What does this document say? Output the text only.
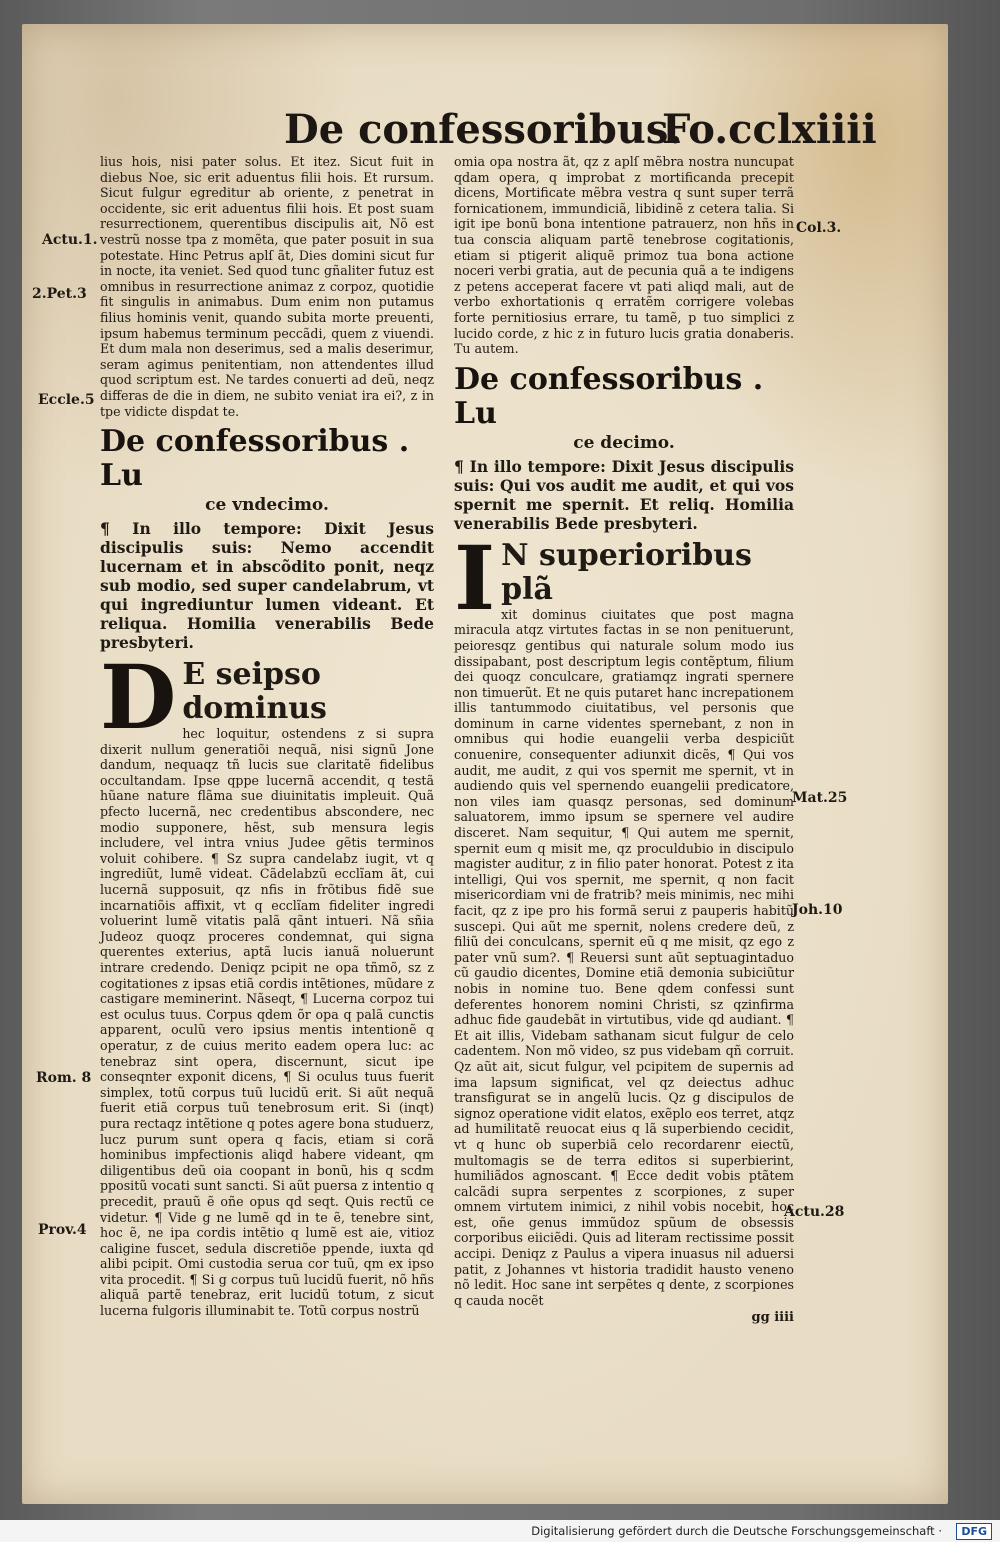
De confessoribus.
Fo.cclxiiii

lius hois, nisi pater solus. Et itez. Sicut fuit in diebus Noe, sic erit aduentus filii hois. Et rursum. Sicut fulgur egreditur ab oriente, z penetrat in occidente, sic erit aduentus filii hois. Et post suam resurrectionem, querentibus discipulis ait, Nõ est vestrũ nosse tpa z momẽta, que pater posuit in sua potestate. Hinc Petrus aplſ ãt, Dies domini sicut fur in nocte, ita veniet. Sed quod tunc gñaliter futuz est omnibus in resurrectione animaz z corpoz, quotidie fit singulis in animabus. Dum enim non putamus filius hominis venit, quando subita morte preuenti, ipsum habemus terminum peccãdi, quem z viuendi. Et dum mala non deserimus, sed a malis deserimur, seram agimus penitentiam, non attendentes illud quod scriptum est. Ne tardes conuerti ad deũ, neqz differas de die in diem, ne subito veniat ira ei?, z in tpe vidicte dispdat te.

De confessoribus . Lu
ce vndecimo.

¶ In illo tempore: Dixit Jesus discipulis suis: Nemo accendit lucernam et in abscõdito ponit, neqz sub modio, sed super candelabrum, vt qui ingrediuntur lumen videant. Et reliqua. Homilia venerabilis Bede presbyteri.

D E seipso dominus

hec loquitur, ostendens z si supra dixerit nullum generatiõi nequã, nisi signũ Jone dandum, nequaqz tñ lucis sue claritatẽ fidelibus occultandam. Ipse qppe lucernã accendit, q testã hũane nature flãma sue diuinitatis impleuit. Quã pfecto lucernã, nec credentibus abscondere, nec modio supponere, hẽst, sub mensura legis includere, vel intra vnius Judee gẽtis terminos voluit cohibere. ¶ Sz supra candelabz iugit, vt q ingrediũt, lumẽ videat. Cãdelabzũ ecclĩam ãt, cui lucernã supposuit, qz nfis in frõtibus fidẽ sue incarnatiõis affixit, vt q ecclĩam fideliter ingredi voluerint lumẽ vitatis palã qãnt intueri. Nã sñia Judeoz quoqz proceres condemnat, qui signa querentes exterius, aptã lucis ianuã noluerunt intrare credendo. Deniqz pcipit ne opa tñmõ, sz z cogitationes z ipsas etiã cordis intẽtiones, mũdare z castigare meminerint. Nãseqt, ¶ Lucerna corpoz tui est oculus tuus. Corpus qdem õr opa q palã cunctis apparent, oculũ vero ipsius mentis intentionẽ q operatur, z de cuius merito eadem opera luc: ac tenebraz sint opera, discernunt, sicut ipe conseqnter exponit dicens, ¶ Si oculus tuus fuerit simplex, totũ corpus tuũ lucidũ erit. Si aũt nequã fuerit etiã corpus tuũ tenebrosum erit. Si (inqt) pura rectaqz intẽtione q potes agere bona studuerz, lucz purum sunt opera q facis, etiam si corã hominibus impfectionis aliqd habere videant, qm diligentibus deũ oia coopant in bonũ, his q scdm ppositũ vocati sunt sancti. Si aũt puersa z intentio q precedit, prauũ ẽ oñe opus qd seqt. Quis rectũ ce videtur. ¶ Vide g ne lumẽ qd in te ẽ, tenebre sint, hoc ẽ, ne ipa cordis intẽtio q lumẽ est aie, vitioz caligine fuscet, sedula discretiõe ppende, iuxta qd alibi pcipit. Omi custodia serua cor tuũ, qm ex ipso vita procedit. ¶ Si g corpus tuũ lucidũ fuerit, nõ hñs aliquã partẽ tenebraz, erit lucidũ totum, z sicut lucerna fulgoris illuminabit te. Totũ corpus nostrũ

omia opa nostra ãt, qz z aplſ mẽbra nostra nuncupat qdam opera, q improbat z mortificanda precepit dicens, Mortificate mẽbra vestra q sunt super terrã fornicationem, immundiciã, libidinẽ z cetera talia. Si igit ipe bonũ bona intentione patrauerz, non hñs in tua conscia aliquam partẽ tenebrose cogitationis, etiam si ptigerit aliquẽ primoz tua bona actione noceri verbi gratia, aut de pecunia quã a te indigens z petens acceperat facere vt pati aliqd mali, aut de verbo exhortationis q erratẽm corrigere volebas forte pernitiosius errare, tu tamẽ, p tuo simplici z lucido corde, z hic z in futuro lucis gratia donaberis. Tu autem.

De confessoribus . Lu
ce decimo.

¶ In illo tempore: Dixit Jesus discipulis suis: Qui vos audit me audit, et qui vos spernit me spernit. Et reliq. Homilia venerabilis Bede presbyteri.

I N superioribus plã

xit dominus ciuitates que post magna miracula atqz virtutes factas in se non penituerunt, peioresqz gentibus qui naturale solum modo ius dissipabant, post descriptum legis contẽptum, filium dei quoqz conculcare, gratiamqz ingrati spernere non timuerũt. Et ne quis putaret hanc increpationem illis tantummodo ciuitatibus, vel personis que dominum in carne videntes spernebant, z non in omnibus qui hodie euangelii verba despiciũt conuenire, consequenter adiunxit dicẽs, ¶ Qui vos audit, me audit, z qui vos spernit me spernit, vt in audiendo quis vel spernendo euangelii predicatore, non viles iam quasqz personas, sed dominum saluatorem, immo ipsum se spernere vel audire disceret. Nam sequitur, ¶ Qui autem me spernit, spernit eum q misit me, qz proculdubio in discipulo magister auditur, z in filio pater honorat. Potest z ita intelligi, Qui vos spernit, me spernit, q non facit misericordiam vni de fratrib? meis minimis, nec mihi facit, qz z ipe pro his formã serui z pauperis habitũ suscepi. Qui aũt me spernit, nolens credere deũ, z filiũ dei conculcans, spernit eũ q me misit, qz ego z pater vnũ sum?. ¶ Reuersi sunt aũt septuagintaduo cũ gaudio dicentes, Domine etiã demonia subiciũtur nobis in nomine tuo. Bene qdem confessi sunt deferentes honorem nomini Christi, sz qzinfirma adhuc fide gaudebãt in virtutibus, vide qd audiant. ¶ Et ait illis, Videbam sathanam sicut fulgur de celo cadentem. Non mõ video, sz pus videbam qñ corruit. Qz aũt ait, sicut fulgur, vel pcipitem de supernis ad ima lapsum significat, vel qz deiectus adhuc transfigurat se in angelũ lucis. Qz g discipulos de signoz operatione vidit elatos, exẽplo eos terret, atqz ad humilitatẽ reuocat eius q lã superbiendo cecidit, vt q hunc ob superbiã celo recordarenr eiectũ, multomagis se de terra editos si superbierint, humiliãdos agnoscant. ¶ Ecce dedit vobis ptãtem calcãdi supra serpentes z scorpiones, z super omnem virtutem inimici, z nihil vobis nocebit, hoc est, oñe genus immũdoz spũum de obsessis corporibus eiiciẽdi. Quis ad literam rectissime possit accipi. Deniqz z Paulus a vipera inuasus nil aduersi patit, z Johannes vt historia tradidit hausto veneno nõ ledit. Hoc sane int serpẽtes q dente, z scorpiones q cauda nocẽt

gg iiii
Actu.1.
2.Pet.3
Eccle.5
Rom. 8
Prov.4
Col.3.
Mat.25
Joh.10
Actu.28
Digitalisierung gefördert durch die Deutsche Forschungsgemeinschaft ·	DFG
